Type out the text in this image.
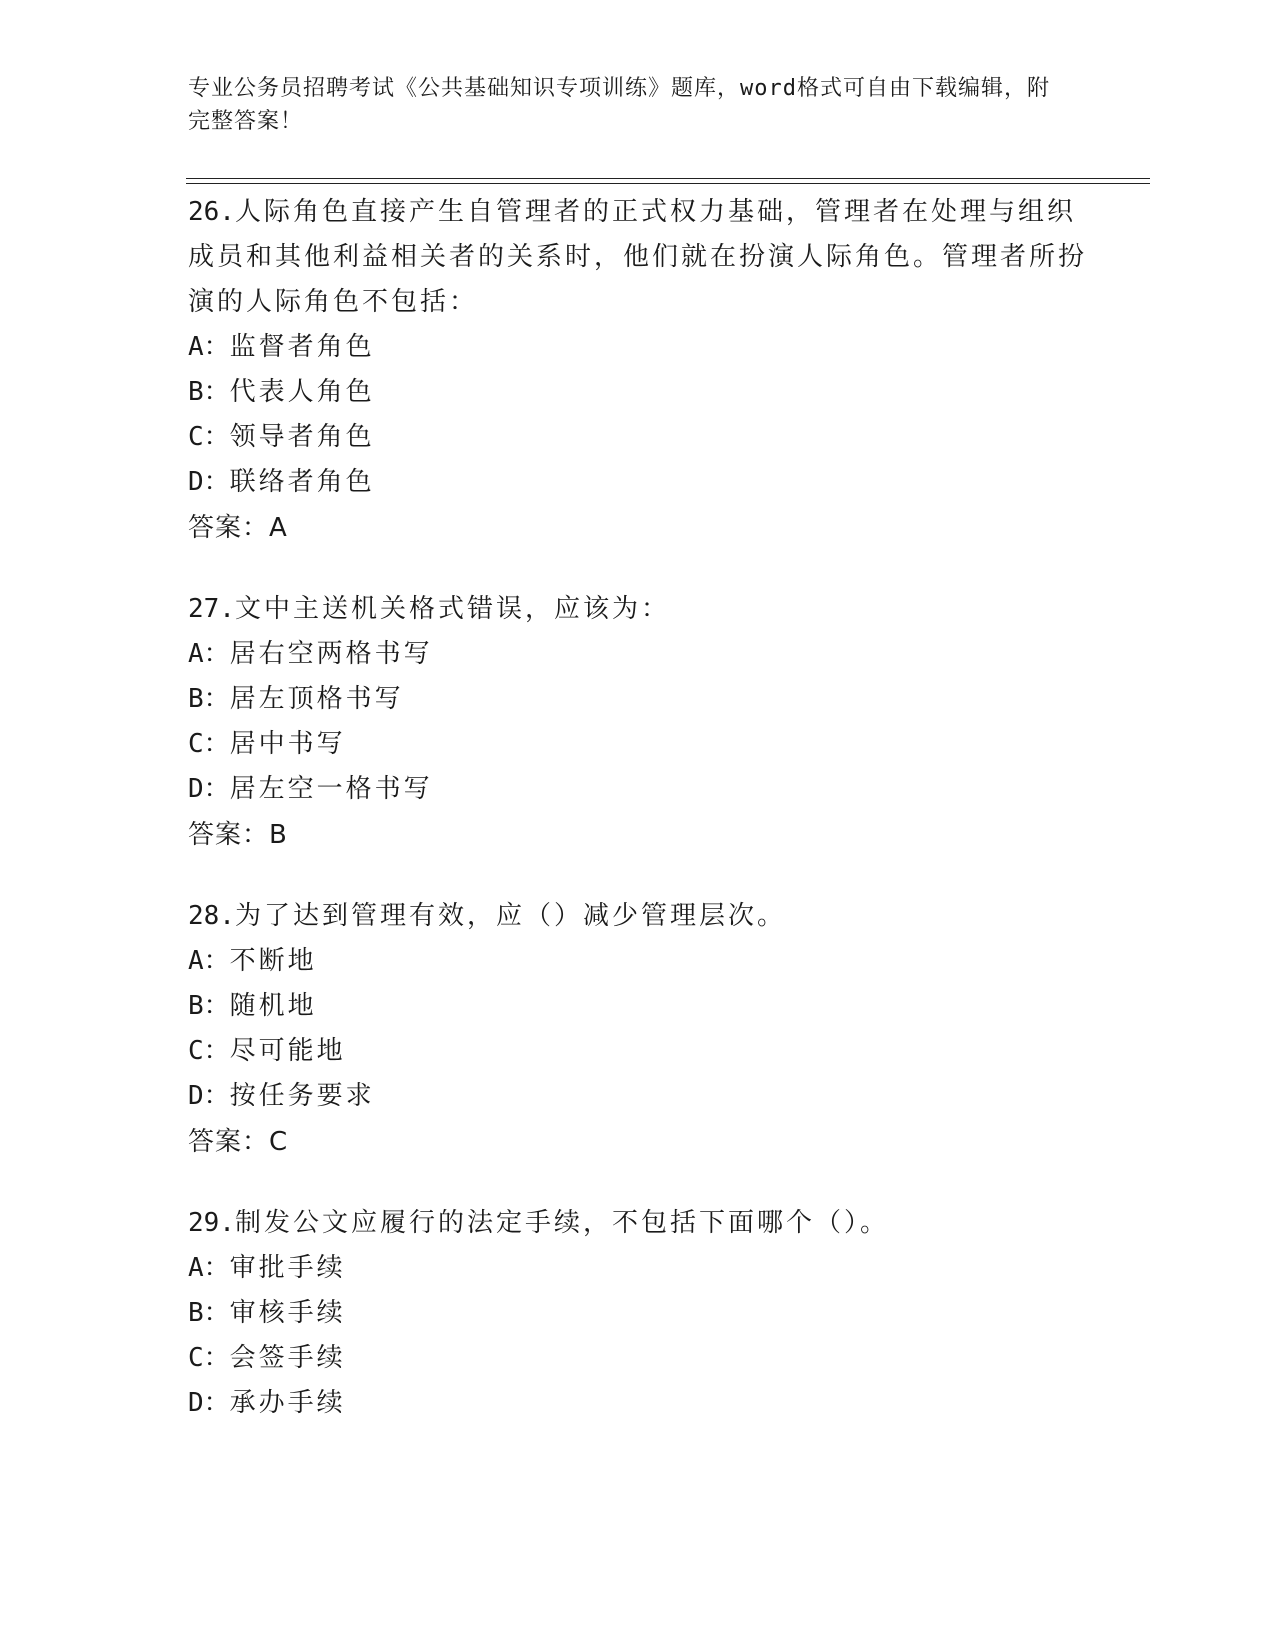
专业公务员招聘考试《公共基础知识专项训练》题库，word格式可自由下载编辑，附完整答案！

26.人际角色直接产生自管理者的正式权力基础，管理者在处理与组织成员和其他利益相关者的关系时，他们就在扮演人际角色。管理者所扮演的人际角色不包括：

A：监督者角色

B：代表人角色

C：领导者角色

D：联络者角色

答案：A

27.文中主送机关格式错误，应该为：

A：居右空两格书写

B：居左顶格书写

C：居中书写

D：居左空一格书写

答案：B

28.为了达到管理有效，应（）减少管理层次。

A：不断地

B：随机地

C：尽可能地

D：按任务要求

答案：C

29.制发公文应履行的法定手续，不包括下面哪个（）。

A：审批手续

B：审核手续

C：会签手续

D：承办手续
